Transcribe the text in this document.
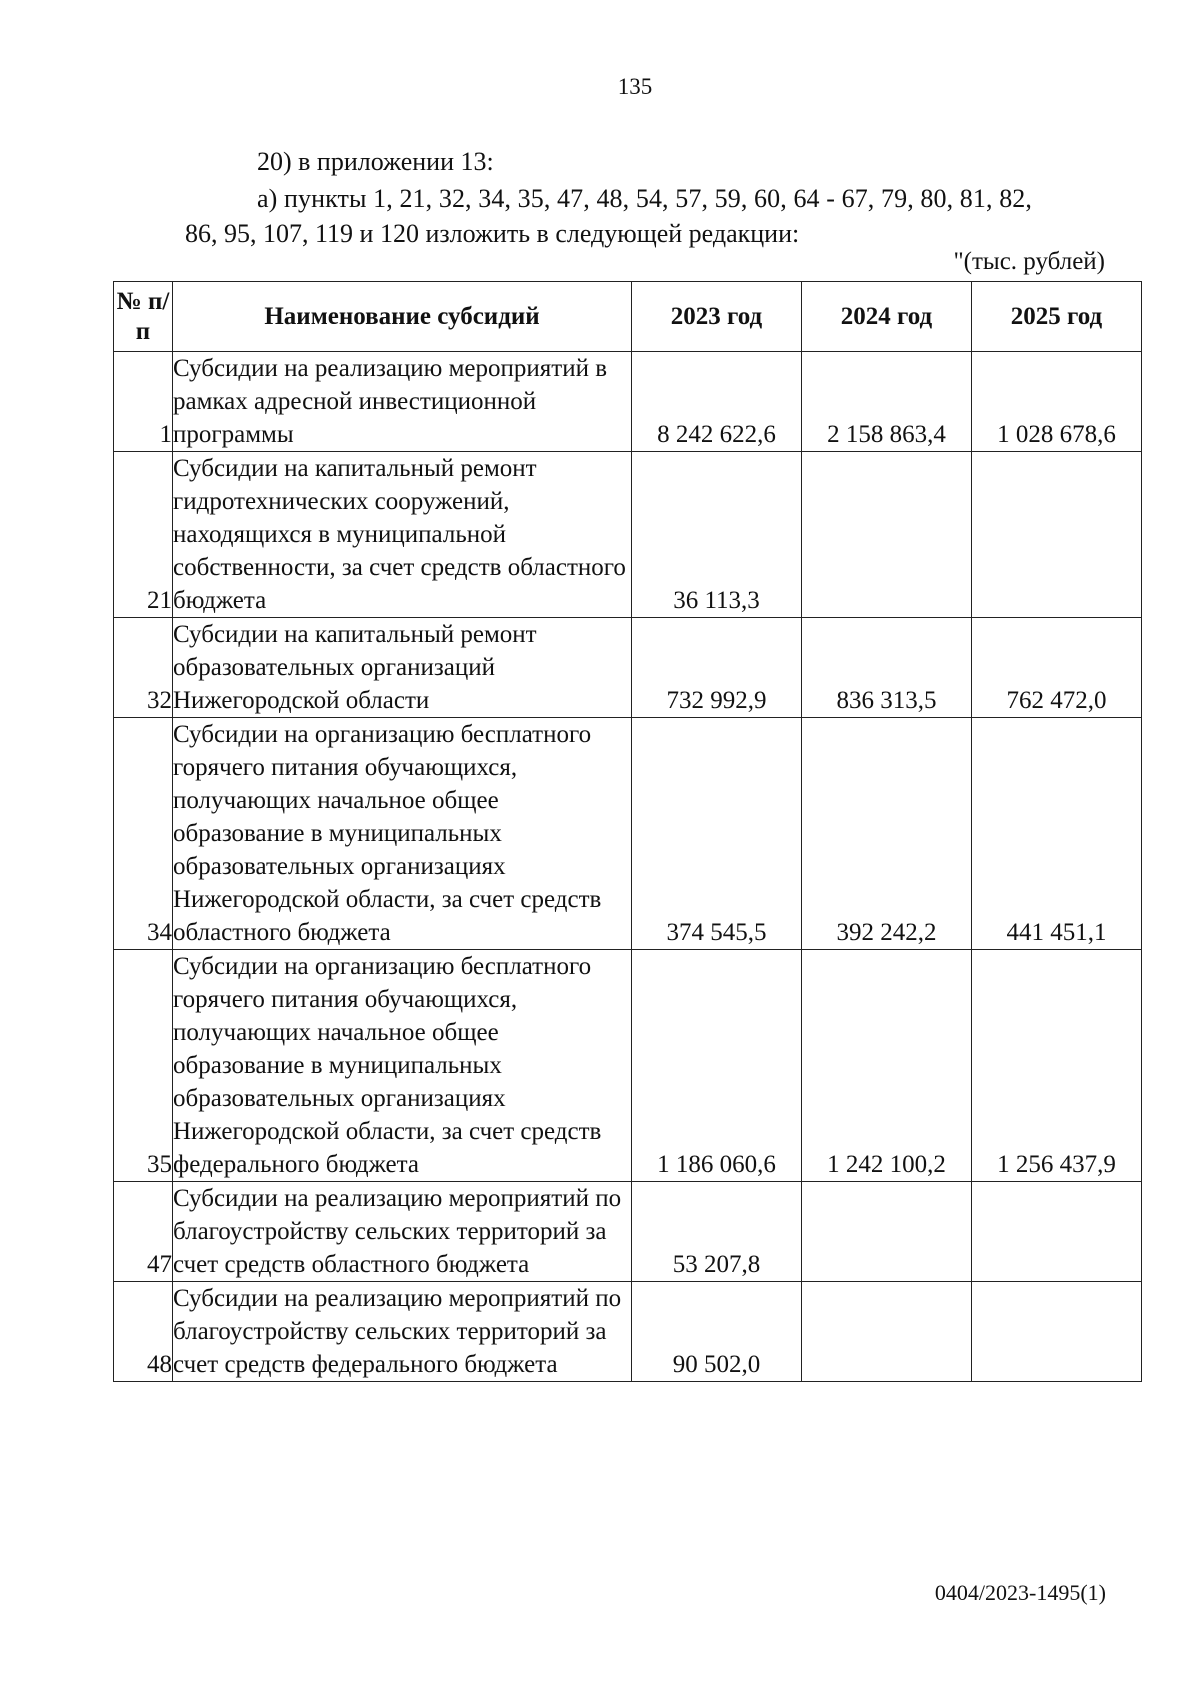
135
20) в приложении 13:
а) пункты 1, 21, 32, 34, 35, 47, 48, 54, 57, 59, 60, 64 - 67, 79, 80, 81, 82,
86, 95, 107, 119 и 120 изложить в следующей редакции:
"(тыс. рублей)
№ п/п	Наименование субсидий	2023 год	2024 год	2025 год
1	Субсидии на реализацию мероприятий в рамках адресной инвестиционной программы	8 242 622,6	2 158 863,4	1 028 678,6
21	Субсидии на капитальный ремонт гидротехнических сооружений, находящихся в муниципальной собственности, за счет средств областного бюджета	36 113,3		
32	Субсидии на капитальный ремонт образовательных организаций Нижегородской области	732 992,9	836 313,5	762 472,0
34	Субсидии на организацию бесплатного горячего питания обучающихся, получающих начальное общее образование в муниципальных образовательных организациях Нижегородской области, за счет средств областного бюджета	374 545,5	392 242,2	441 451,1
35	Субсидии на организацию бесплатного горячего питания обучающихся, получающих начальное общее образование в муниципальных образовательных организациях Нижегородской области, за счет средств федерального бюджета	1 186 060,6	1 242 100,2	1 256 437,9
47	Субсидии на реализацию мероприятий по благоустройству сельских территорий за счет средств областного бюджета	53 207,8		
48	Субсидии на реализацию мероприятий по благоустройству сельских территорий за счет средств федерального бюджета	90 502,0		
0404/2023-1495(1)
